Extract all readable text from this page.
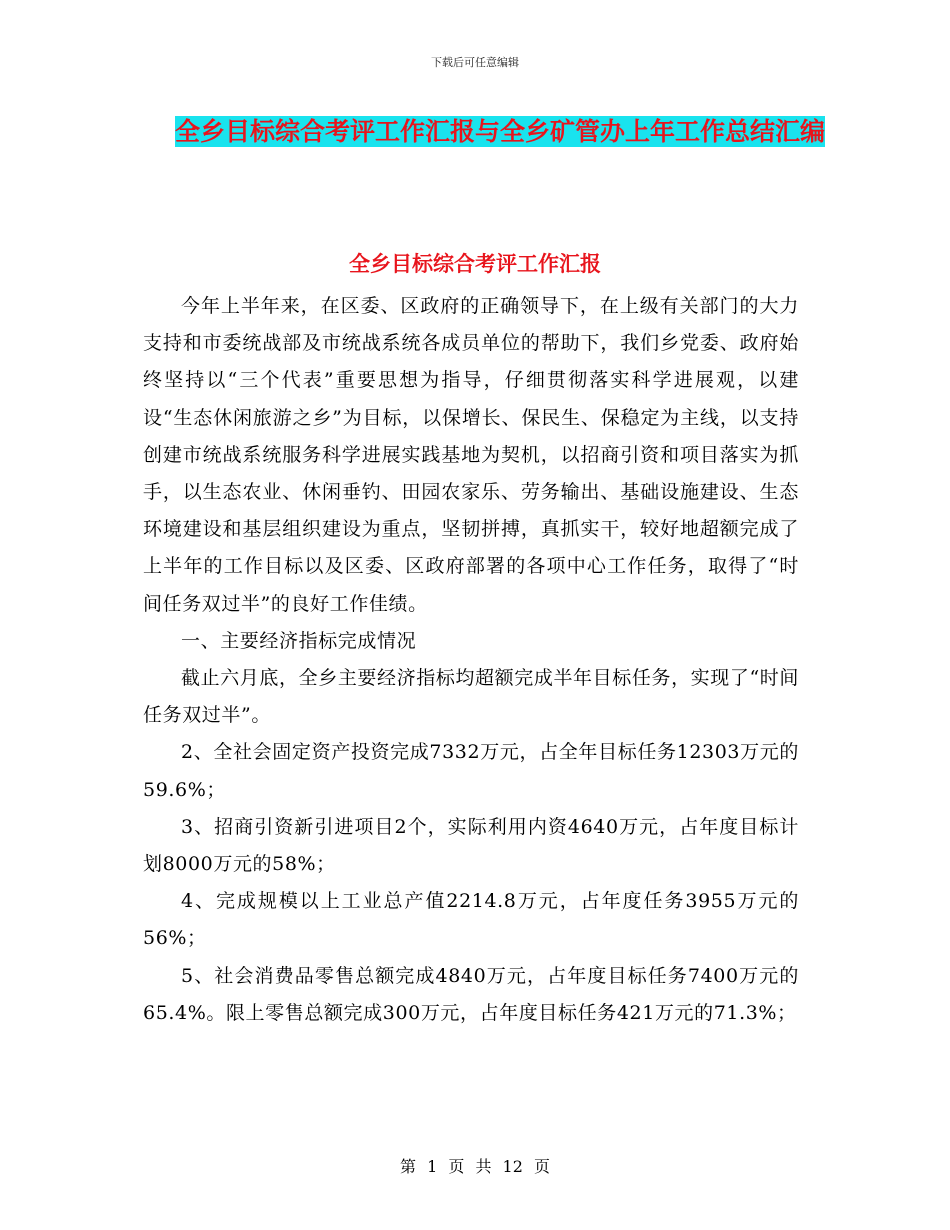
下载后可任意编辑
全乡目标综合考评工作汇报与全乡矿管办上年工作总结汇编
全乡目标综合考评工作汇报

今年上半年来，在区委、区政府的正确领导下，在上级有关部门的大力支持和市委统战部及市统战系统各成员单位的帮助下，我们乡党委、政府始终坚持以“三个代表”重要思想为指导，仔细贯彻落实科学进展观，以建设“生态休闲旅游之乡”为目标，以保增长、保民生、保稳定为主线，以支持创建市统战系统服务科学进展实践基地为契机，以招商引资和项目落实为抓手，以生态农业、休闲垂钓、田园农家乐、劳务输出、基础设施建设、生态环境建设和基层组织建设为重点，坚韧拼搏，真抓实干，较好地超额完成了上半年的工作目标以及区委、区政府部署的各项中心工作任务，取得了“时间任务双过半”的良好工作佳绩。

一、主要经济指标完成情况

截止六月底，全乡主要经济指标均超额完成半年目标任务，实现了“时间任务双过半”。

2、全社会固定资产投资完成7332万元，占全年目标任务12303万元的59.6%；

3、招商引资新引进项目2个，实际利用内资4640万元，占年度目标计划8000万元的58%；

4、完成规模以上工业总产值2214.8万元，占年度任务3955万元的56%；

5、社会消费品零售总额完成4840万元，占年度目标任务7400万元的65.4%。限上零售总额完成300万元，占年度目标任务421万元的71.3%；

第 1 页 共 12 页
